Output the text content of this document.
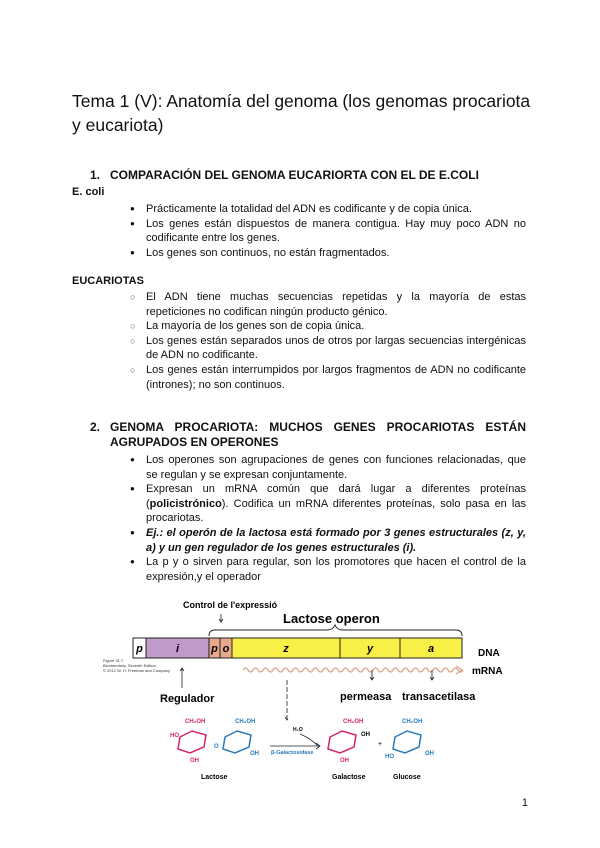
Tema 1 (V): Anatomía del genoma (los genomas procariota y eucariota)
1. COMPARACIÓN DEL GENOMA EUCARIORTA CON EL DE E.COLI
E. coli
● Prácticamente la totalidad del ADN es codificante y de copia única.
● Los genes están dispuestos de manera contigua. Hay muy poco ADN no codificante entre los genes.
● Los genes son continuos, no están fragmentados.
EUCARIOTAS
○ El ADN tiene muchas secuencias repetidas y la mayoría de estas repeticiones no codifican ningún producto génico.
○ La mayoría de los genes son de copia única.
○ Los genes están separados unos de otros por largas secuencias intergénicas de ADN no codificante.
○ Los genes están interrumpidos por largos fragmentos de ADN no codificante (intrones); no son continuos.
2. GENOMA PROCARIOTA: MUCHOS GENES PROCARIOTAS ESTÁN AGRUPADOS EN OPERONES
● Los operones son agrupaciones de genes con funciones relacionadas, que se regulan y se expresan conjuntamente.
● Expresan un mRNA común que dará lugar a diferentes proteínas (policistrónico). Codifica un mRNA diferentes proteínas, solo pasa en las procariotas.
● Ej.: el operón de la lactosa está formado por 3 genes estructurales (z, y, a) y un gen regulador de los genes estructurales (i).
● La p y o sirven para regular, son los promotores que hacen el control de la expresión,y el operador
Control de l'expressió
Lactose operon
p	i	p o	z	y	a	DNA
mRNA
Figure 31.7
Biochemistry, Seventh Edition
© 2012 W. H. Freeman and Company
Regulador	permeasa transacetilasa
CH₂OH
HO
OH
O
CH₂OH
OH
Lactose
H₂O
β-Galactosidase
CH₂OH
OH
OH
Galactose
+
CH₂OH
OH
HO
Glucose
1
